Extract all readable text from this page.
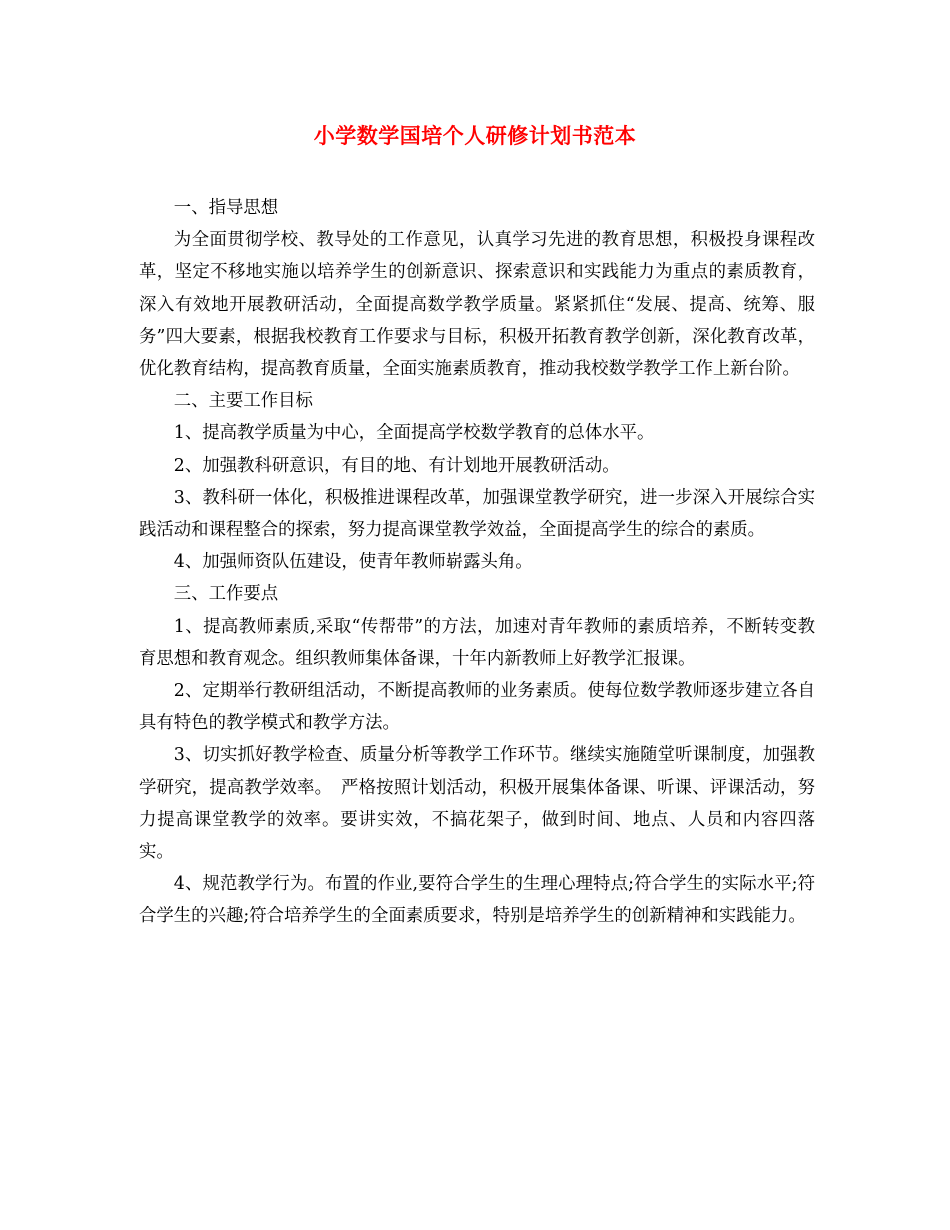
小学数学国培个人研修计划书范本

一、指导思想

为全面贯彻学校、教导处的工作意见，认真学习先进的教育思想，积极投身课程改革，坚定不移地实施以培养学生的创新意识、探索意识和实践能力为重点的素质教育，深入有效地开展教研活动，全面提高数学教学质量。紧紧抓住“发展、提高、统筹、服务”四大要素，根据我校教育工作要求与目标，积极开拓教育教学创新，深化教育改革，优化教育结构，提高教育质量，全面实施素质教育，推动我校数学教学工作上新台阶。

二、主要工作目标

1、提高教学质量为中心，全面提高学校数学教育的总体水平。

2、加强教科研意识，有目的地、有计划地开展教研活动。

3、教科研一体化，积极推进课程改革，加强课堂教学研究，进一步深入开展综合实践活动和课程整合的探索，努力提高课堂教学效益，全面提高学生的综合的素质。

4、加强师资队伍建设，使青年教师崭露头角。

三、工作要点

1、提高教师素质,采取“传帮带”的方法，加速对青年教师的素质培养，不断转变教育思想和教育观念。组织教师集体备课，十年内新教师上好教学汇报课。

2、定期举行教研组活动，不断提高教师的业务素质。使每位数学教师逐步建立各自具有特色的教学模式和教学方法。

3、切实抓好教学检查、质量分析等教学工作环节。继续实施随堂听课制度，加强教学研究，提高教学效率。　严格按照计划活动，积极开展集体备课、听课、评课活动，努力提高课堂教学的效率。要讲实效，不搞花架子，做到时间、地点、人员和内容四落实。

4、规范教学行为。布置的作业,要符合学生的生理心理特点;符合学生的实际水平;符合学生的兴趣;符合培养学生的全面素质要求，特别是培养学生的创新精神和实践能力。
